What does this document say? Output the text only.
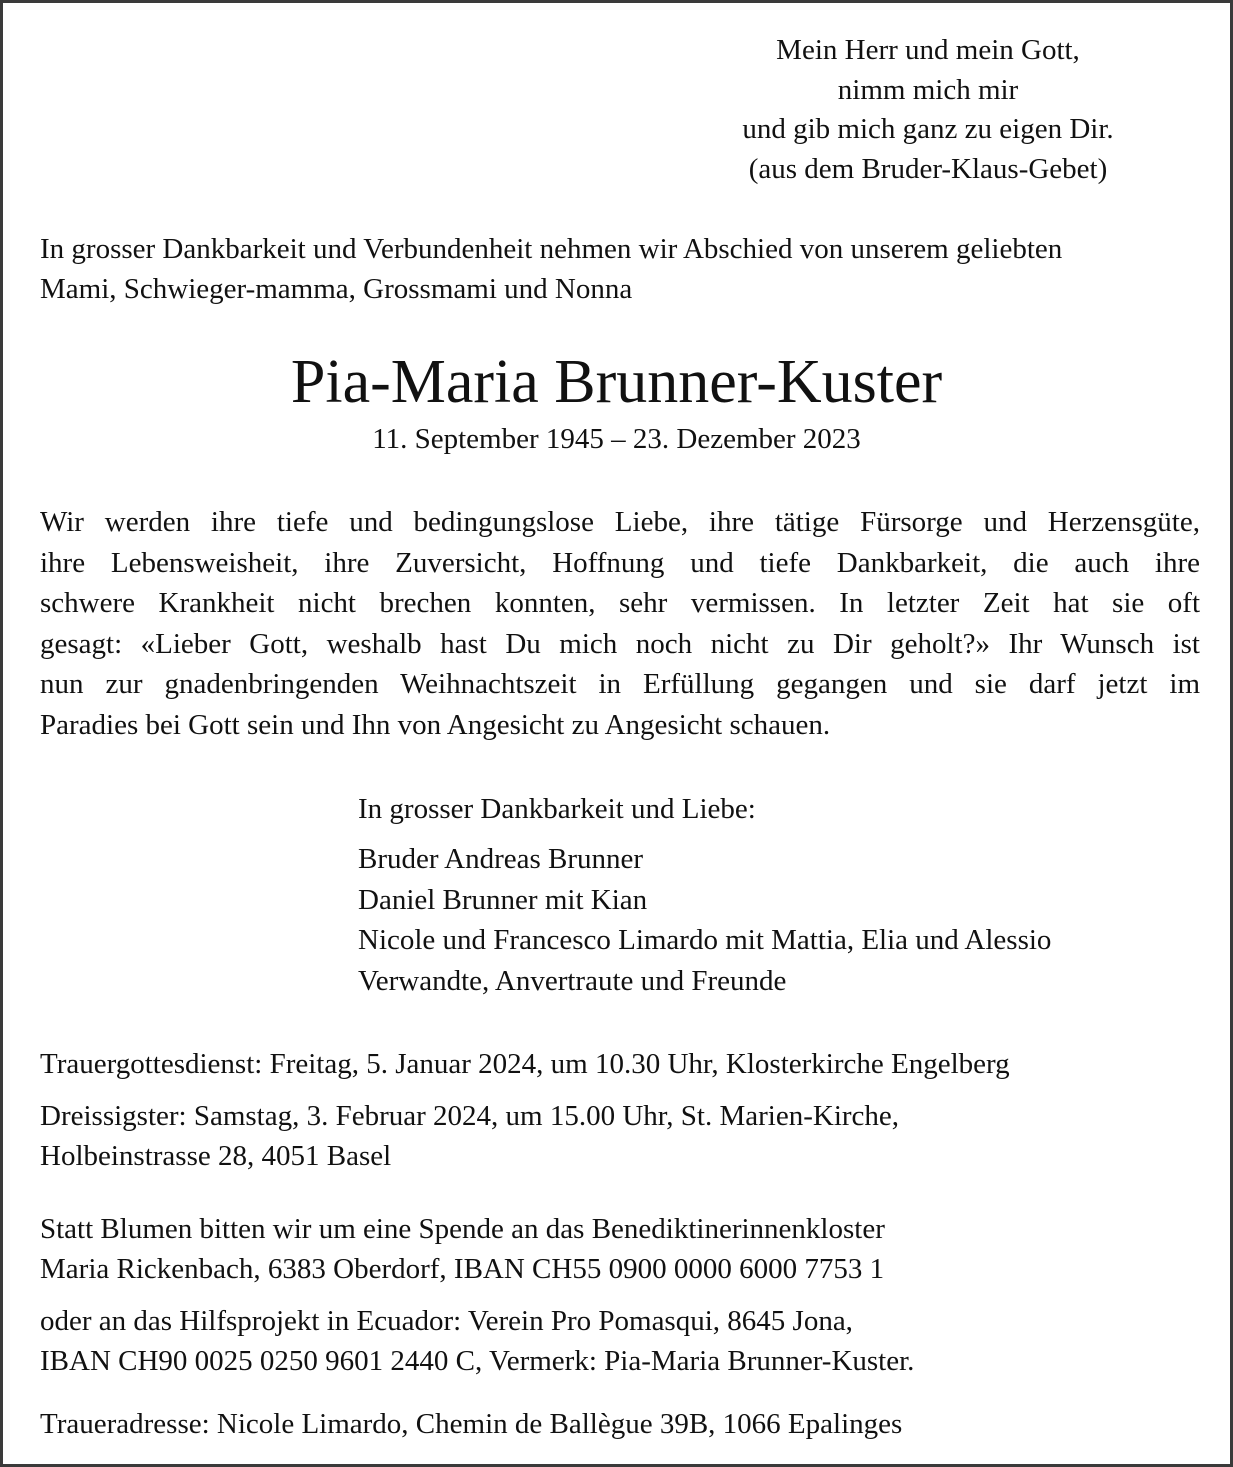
Mein Herr und mein Gott,
nimm mich mir
und gib mich ganz zu eigen Dir.
(aus dem Bruder-Klaus-Gebet)
In grosser Dankbarkeit und Verbundenheit nehmen wir Abschied von unserem geliebten
Mami, Schwieger-mamma, Grossmami und Nonna
Pia-Maria Brunner-Kuster
11. September 1945 – 23. Dezember 2023
Wir werden ihre tiefe und bedingungslose Liebe, ihre tätige Fürsorge und Herzensgüte,
ihre Lebensweisheit, ihre Zuversicht, Hoffnung und tiefe Dankbarkeit, die auch ihre
schwere Krankheit nicht brechen konnten, sehr vermissen. In letzter Zeit hat sie oft
gesagt: «Lieber Gott, weshalb hast Du mich noch nicht zu Dir geholt?» Ihr Wunsch ist
nun zur gnadenbringenden Weihnachtszeit in Erfüllung gegangen und sie darf jetzt im
Paradies bei Gott sein und Ihn von Angesicht zu Angesicht schauen.
In grosser Dankbarkeit und Liebe:
Bruder Andreas Brunner
Daniel Brunner mit Kian
Nicole und Francesco Limardo mit Mattia, Elia und Alessio
Verwandte, Anvertraute und Freunde
Trauergottesdienst: Freitag, 5. Januar 2024, um 10.30 Uhr, Klosterkirche Engelberg
Dreissigster: Samstag, 3. Februar 2024, um 15.00 Uhr, St. Marien-Kirche,
Holbeinstrasse 28, 4051 Basel
Statt Blumen bitten wir um eine Spende an das Benediktinerinnenkloster
Maria Rickenbach, 6383 Oberdorf, IBAN CH55 0900 0000 6000 7753 1
oder an das Hilfsprojekt in Ecuador: Verein Pro Pomasqui, 8645 Jona,
IBAN CH90 0025 0250 9601 2440 C, Vermerk: Pia-Maria Brunner-Kuster.
Traueradresse: Nicole Limardo, Chemin de Ballègue 39B, 1066 Epalinges
